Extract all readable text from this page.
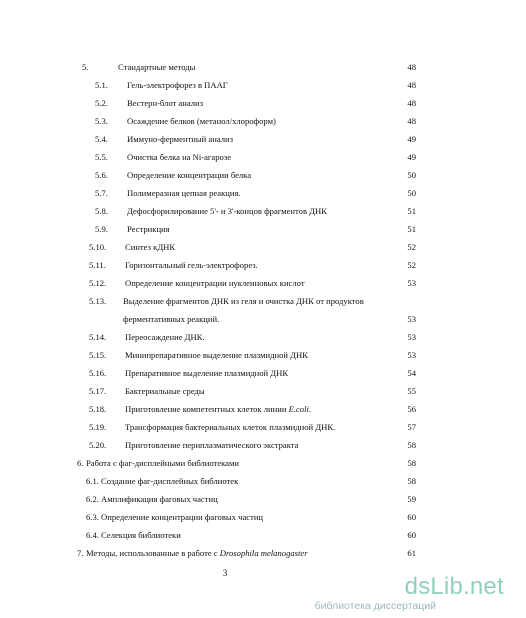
5.	Стандартные методы	48
5.1. Гель-электрофорез в ПААГ	48
5.2. Вестерн-блот анализ	48
5.3. Осаждение белков (метанол/хлороформ)	48
5.4. Иммуно-ферментный анализ	49
5.5. Очистка белка на Ni-агарозе	49
5.6. Определение концентрации белка	50
5.7. Полимеразная цепная реакция.	50
5.8. Дефосфорилирование 5'- и 3'-концов фрагментов ДНК	51
5.9. Рестрикция	51
5.10. Синтез кДНК	52
5.11. Горизонтальный гель-электрофорез.	52
5.12. Определение концентрации нуклеиновых кислот	53
5.13. Выделение фрагментов ДНК из геля и очистка ДНК от продуктов
ферментативных реакций.	53
5.14. Переосаждение ДНК.	53
5.15. Минипрепаративное выделение плазмидной ДНК	53
5.16. Препаративное выделение плазмидной ДНК	54
5.17. Бактериальные среды	55
5.18. Приготовление компетентных клеток линии E.coli.	56
5.19. Трансформация бактериальных клеток плазмидной ДНК.	57
5.20. Приготовление периплазматического экстракта	58
6. Работа с фаг-дисплейными библиотеками	58
6.1. Создание фаг-дисплейных библиотек	58
6.2. Амплификация фаговых частиц	59
6.3. Определение концентрации фаговых частиц	60
6.4. Селекция библиотеки	60
7. Методы, использованные в работе с Drosophila melanogaster	61
3	dsLib.net
библиотека диссертаций
